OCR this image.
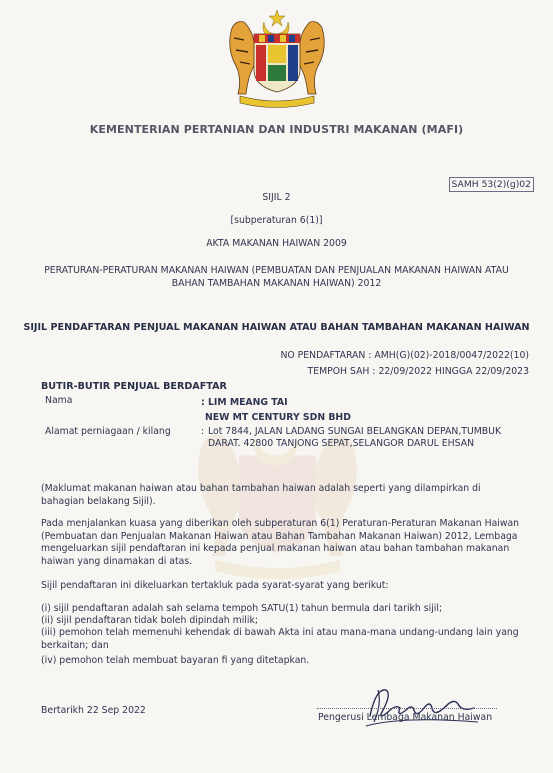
KEMENTERIAN PERTANIAN DAN INDUSTRI MAKANAN (MAFI)
SAMH 53(2)(g)02
SIJIL 2
[subperaturan 6(1)]
AKTA MAKANAN HAIWAN 2009
PERATURAN-PERATURAN MAKANAN HAIWAN (PEMBUATAN DAN PENJUALAN MAKANAN HAIWAN ATAU BAHAN TAMBAHAN MAKANAN HAIWAN) 2012
SIJIL PENDAFTARAN PENJUAL MAKANAN HAIWAN ATAU BAHAN TAMBAHAN MAKANAN HAIWAN
NO PENDAFTARAN : AMH(G)(02)-2018/0047/2022(10)
TEMPOH SAH : 22/09/2022 HINGGA 22/09/2023
BUTIR-BUTIR PENJUAL BERDAFTAR
Nama	: LIM MEANG TAI
NEW MT CENTURY SDN BHD
Alamat perniagaan / kilang	: Lot 7844, JALAN LADANG SUNGAI BELANGKAN DEPAN,TUMBUK DARAT. 42800 TANJONG SEPAT,SELANGOR DARUL EHSAN
(Maklumat makanan haiwan atau bahan tambahan haiwan adalah seperti yang dilampirkan di bahagian belakang Sijil).
Pada menjalankan kuasa yang diberikan oleh subperaturan 6(1) Peraturan-Peraturan Makanan Haiwan (Pembuatan dan Penjualan Makanan Haiwan atau Bahan Tambahan Makanan Haiwan) 2012, Lembaga mengeluarkan sijil pendaftaran ini kepada penjual makanan haiwan atau bahan tambahan makanan haiwan yang dinamakan di atas.
Sijil pendaftaran ini dikeluarkan tertakluk pada syarat-syarat yang berikut:
(i) sijil pendaftaran adalah sah selama tempoh SATU(1) tahun bermula dari tarikh sijil;
(ii) sijil pendaftaran tidak boleh dipindah milik;
(iii) pemohon telah memenuhi kehendak di bawah Akta ini atau mana-mana undang-undang lain yang berkaitan; dan
(iv) pemohon telah membuat bayaran fi yang ditetapkan.
Bertarikh 22 Sep 2022
Pengerusi Lembaga Makanan Haiwan
